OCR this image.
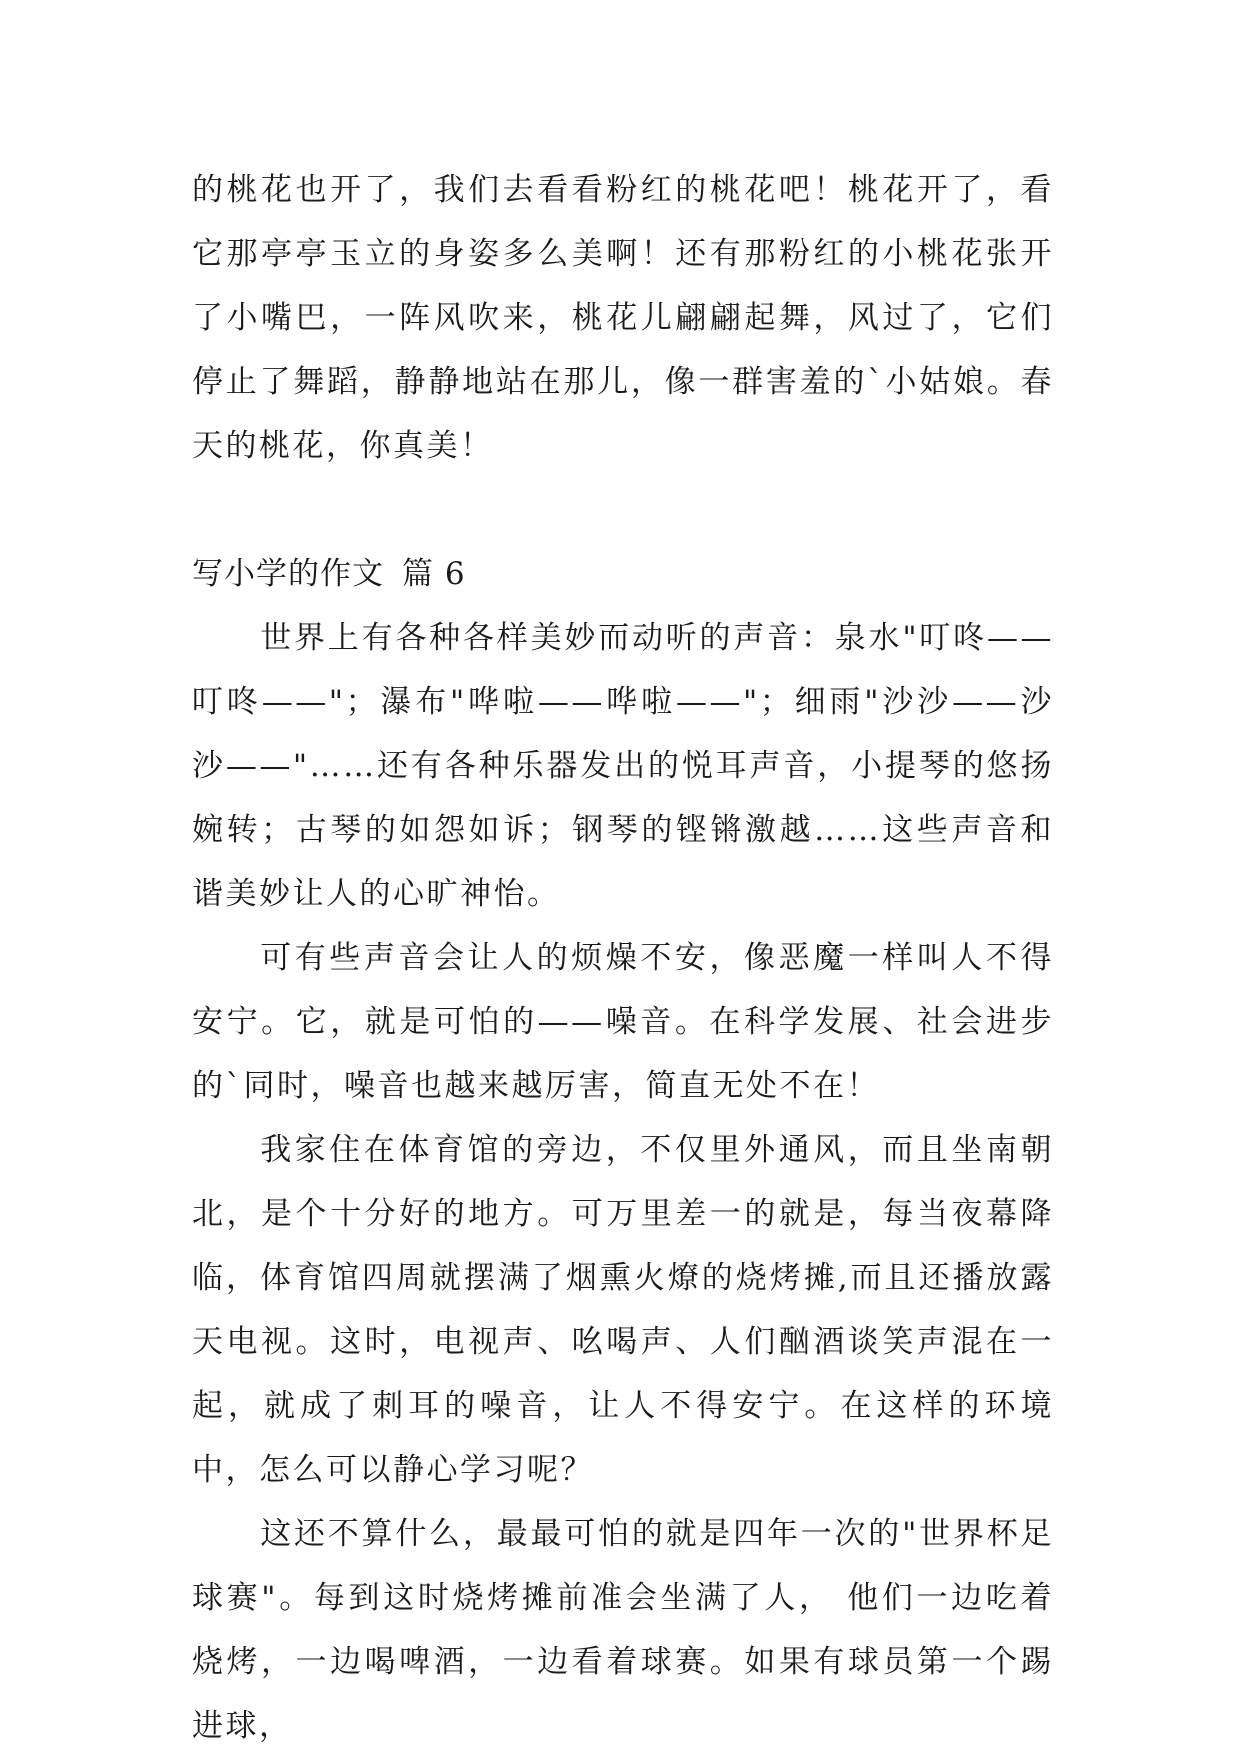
的桃花也开了，我们去看看粉红的桃花吧！桃花开了，看它那亭亭玉立的身姿多么美啊！还有那粉红的小桃花张开了小嘴巴，一阵风吹来，桃花儿翩翩起舞，风过了，它们停止了舞蹈，静静地站在那儿，像一群害羞的`小姑娘。春天的桃花，你真美！

写小学的作文 篇 6

世界上有各种各样美妙而动听的声音：泉水"叮咚——叮咚——"；瀑布"哗啦——哗啦——"；细雨"沙沙——沙沙——"……还有各种乐器发出的悦耳声音，小提琴的悠扬婉转；古琴的如怨如诉；钢琴的铿锵激越……这些声音和谐美妙让人的心旷神怡。

可有些声音会让人的烦燥不安，像恶魔一样叫人不得安宁。它，就是可怕的——噪音。在科学发展、社会进步的`同时，噪音也越来越厉害，简直无处不在！

我家住在体育馆的旁边，不仅里外通风，而且坐南朝北，是个十分好的地方。可万里差一的就是，每当夜幕降临，体育馆四周就摆满了烟熏火燎的烧烤摊,而且还播放露天电视。这时，电视声、吆喝声、人们酗酒谈笑声混在一起，就成了刺耳的噪音，让人不得安宁。在这样的环境中，怎么可以静心学习呢？

这还不算什么，最最可怕的就是四年一次的"世界杯足球赛"。每到这时烧烤摊前准会坐满了人， 他们一边吃着烧烤，一边喝啤酒，一边看着球赛。如果有球员第一个踢进球，
